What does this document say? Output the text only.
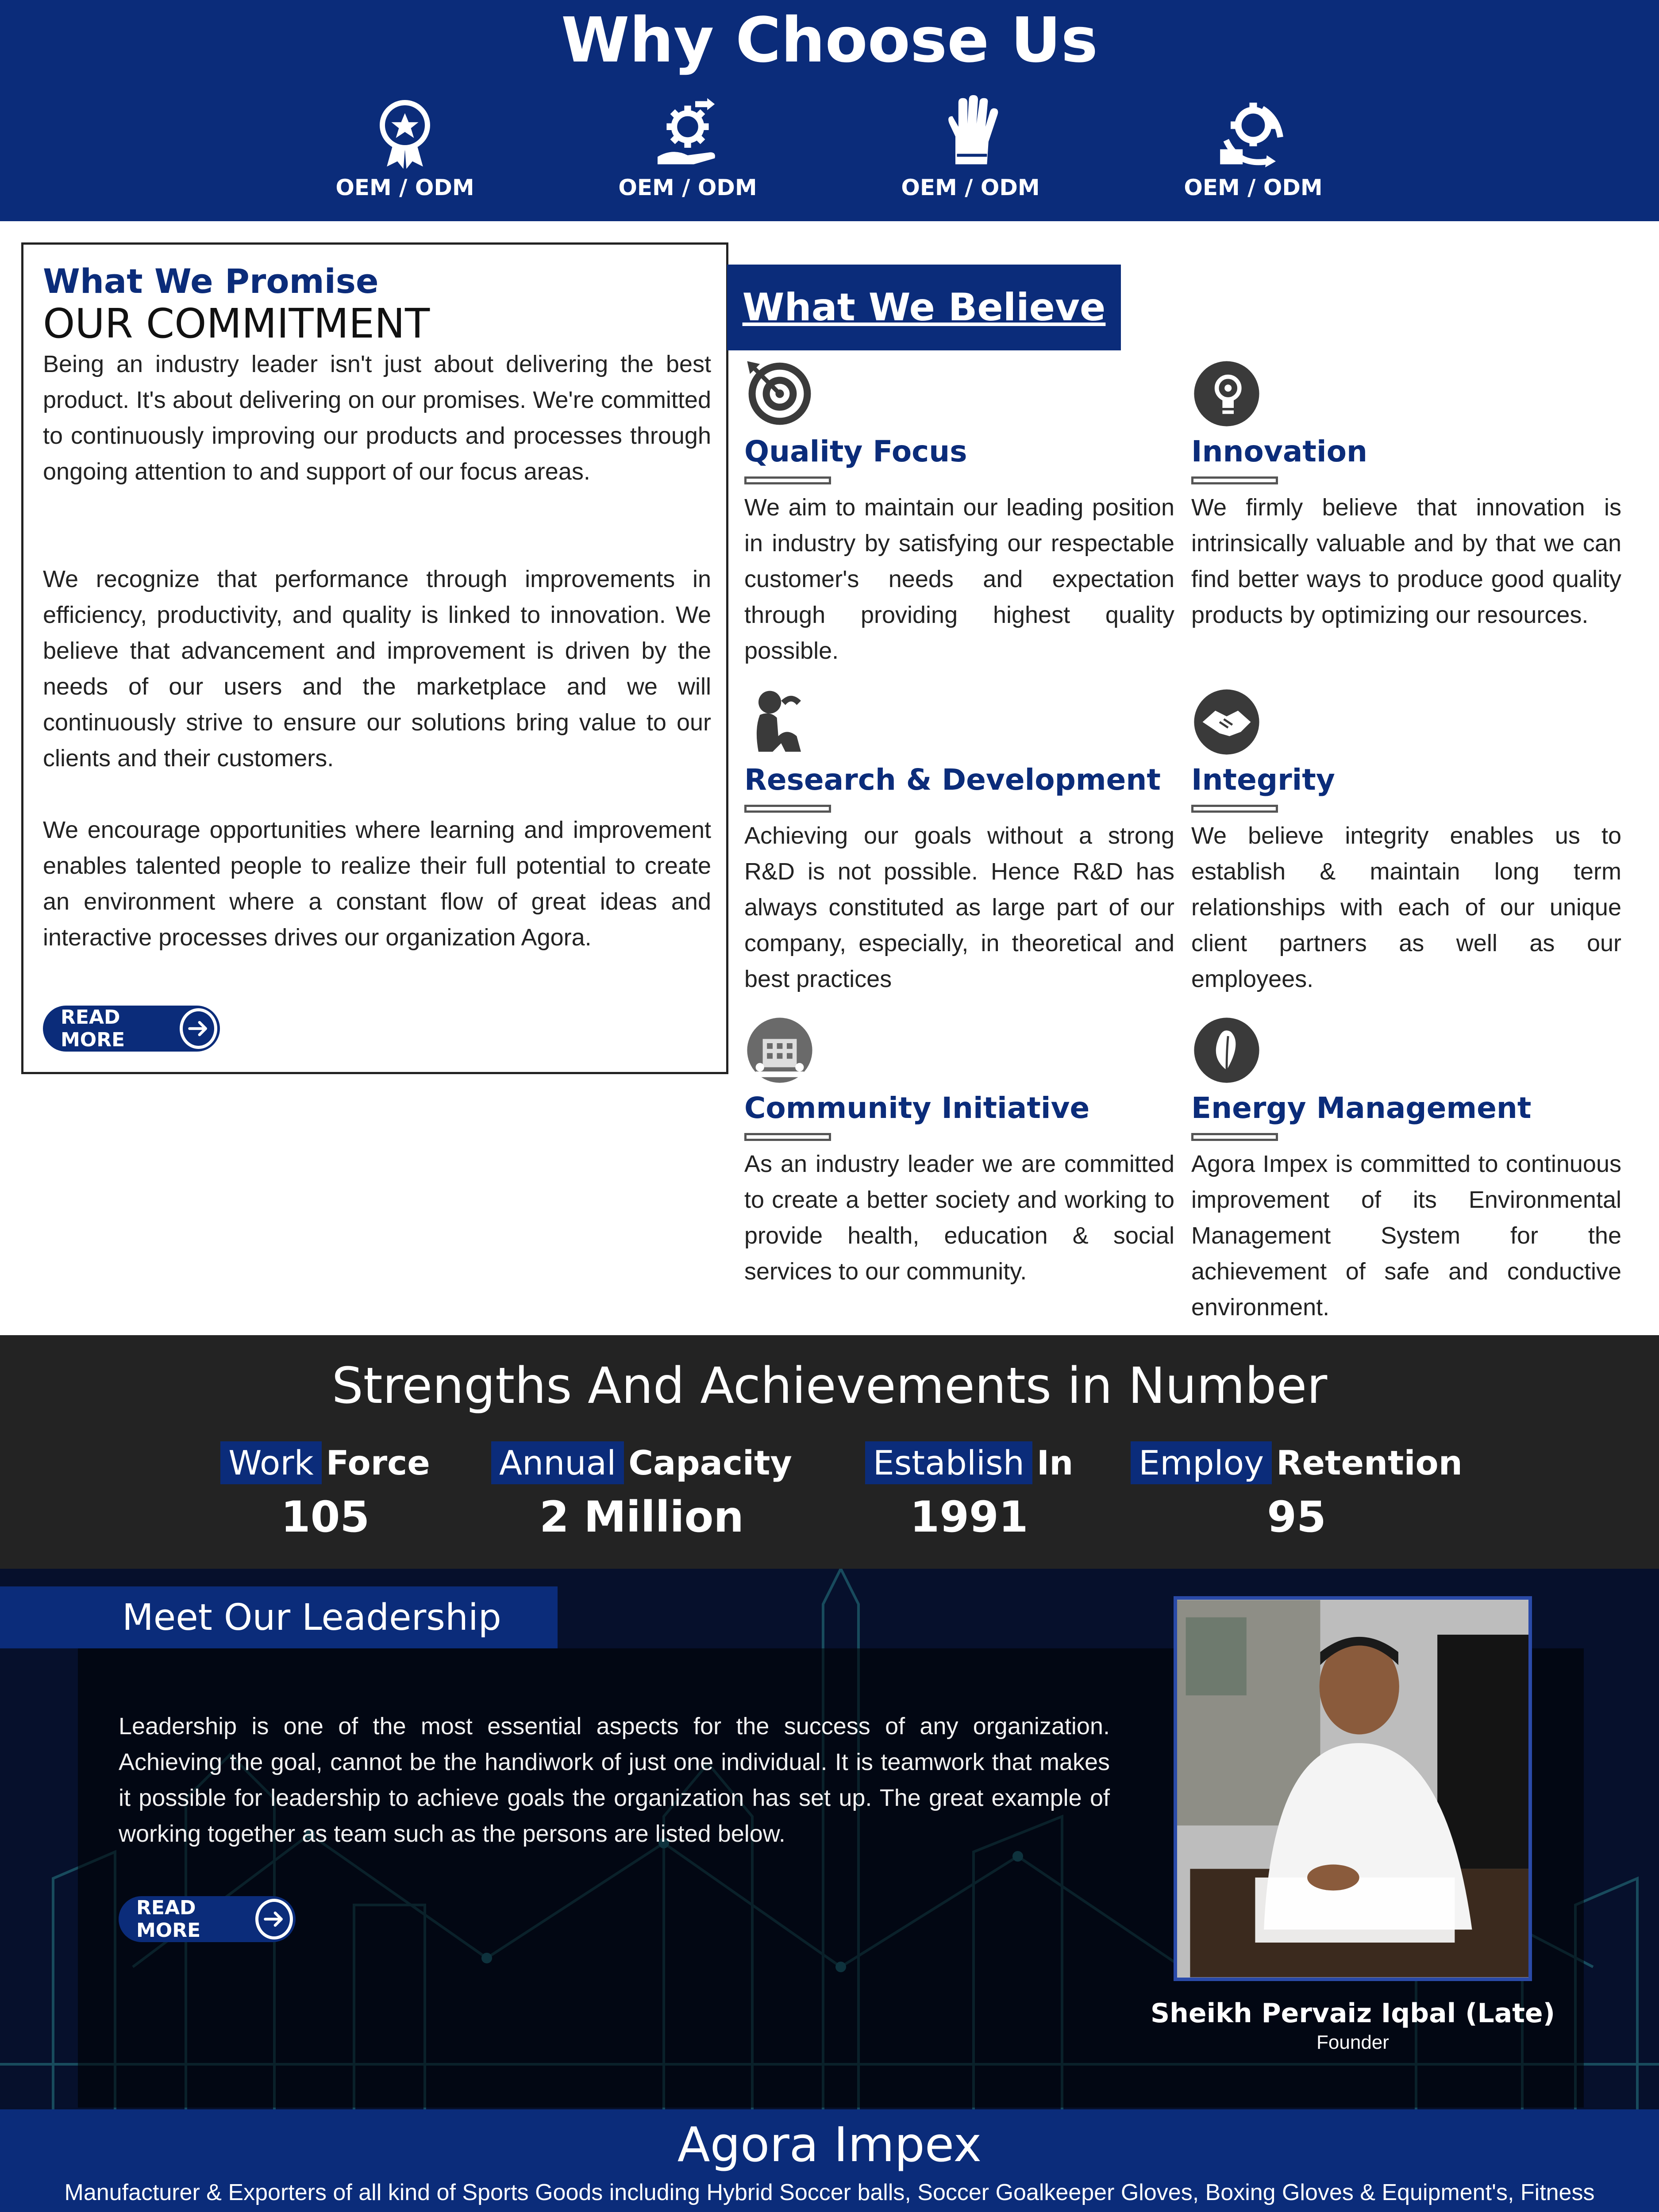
Why Choose Us
OEM / ODM	OEM / ODM	OEM / ODM	OEM / ODM
What We Promise
OUR COMMITMENT

Being an industry leader isn't just about delivering the best product. It's about delivering on our promises. We're committed to continuously improving our products and processes through ongoing attention to and support of our focus areas.

We recognize that performance through improvements in efficiency, productivity, and quality is linked to innovation. We believe that advancement and improvement is driven by the needs of our users and the marketplace and we will continuously strive to ensure our solutions bring value to our clients and their customers.

We encourage opportunities where learning and improvement enables talented people to realize their full potential to create an environment where a constant flow of great ideas and interactive processes drives our organization Agora.

READ MORE
What We Believe
Quality Focus

We aim to maintain our leading position in industry by satisfying our respectable customer's needs and expectation through providing highest quality possible.

Innovation

We firmly believe that innovation is intrinsically valuable and by that we can find better ways to produce good quality products by optimizing our resources.

Research & Development

Achieving our goals without a strong R&D is not possible. Hence R&D has always constituted as large part of our company, especially, in theoretical and best practices

Integrity

We believe integrity enables us to establish & maintain long term relationships with each of our unique client partners as well as our employees.

Community Initiative

As an industry leader we are committed to create a better society and working to provide health, education & social services to our community.

Energy Management

Agora Impex is committed to continuous improvement of its Environmental Management System for the achievement of safe and conductive environment.

Strengths And Achievements in Number
Work Force
105
Annual Capacity
2 Million
Establish In
1991
Employ Retention
95
Meet Our Leadership

Leadership is one of the most essential aspects for the success of any organization. Achieving the goal, cannot be the handiwork of just one individual. It is teamwork that makes it possible for leadership to achieve goals the organization has set up. The great example of working together as team such as the persons are listed below.

READ MORE
Sheikh Pervaiz Iqbal (Late)
Founder
Agora Impex

Manufacturer & Exporters of all kind of Sports Goods including Hybrid Soccer balls, Soccer Goalkeeper Gloves, Boxing Gloves & Equipment's, Fitness
